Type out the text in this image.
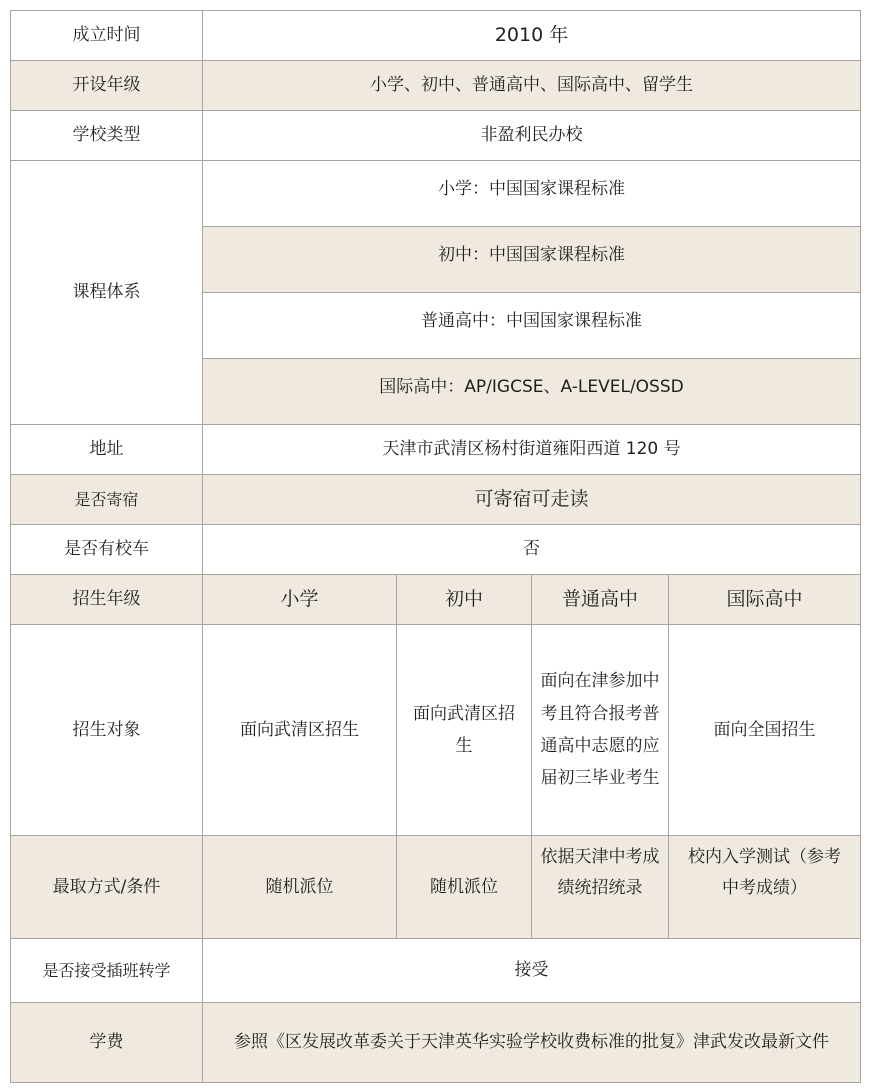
成立时间	2010 年			
开设年级	小学、初中、普通高中、国际高中、留学生			
学校类型	非盈利民办校			
课程体系	小学：中国国家课程标准			
	初中：中国国家课程标准			
	普通高中：中国国家课程标准			
	国际高中：AP/IGCSE、A-LEVEL/OSSD			
地址	天津市武清区杨村街道雍阳西道 120 号			
是否寄宿	可寄宿可走读			
是否有校车	否			
招生年级	小学	初中	普通高中	国际高中
招生对象	面向武清区招生	面向武清区招生	面向在津参加中考且符合报考普通高中志愿的应届初三毕业考生	面向全国招生
最取方式/条件	随机派位	随机派位	依据天津中考成绩统招统录	校内入学测试（参考中考成绩）
是否接受插班转学	接受			
学费	参照《区发展改革委关于天津英华实验学校收费标准的批复》津武发改最新文件			
